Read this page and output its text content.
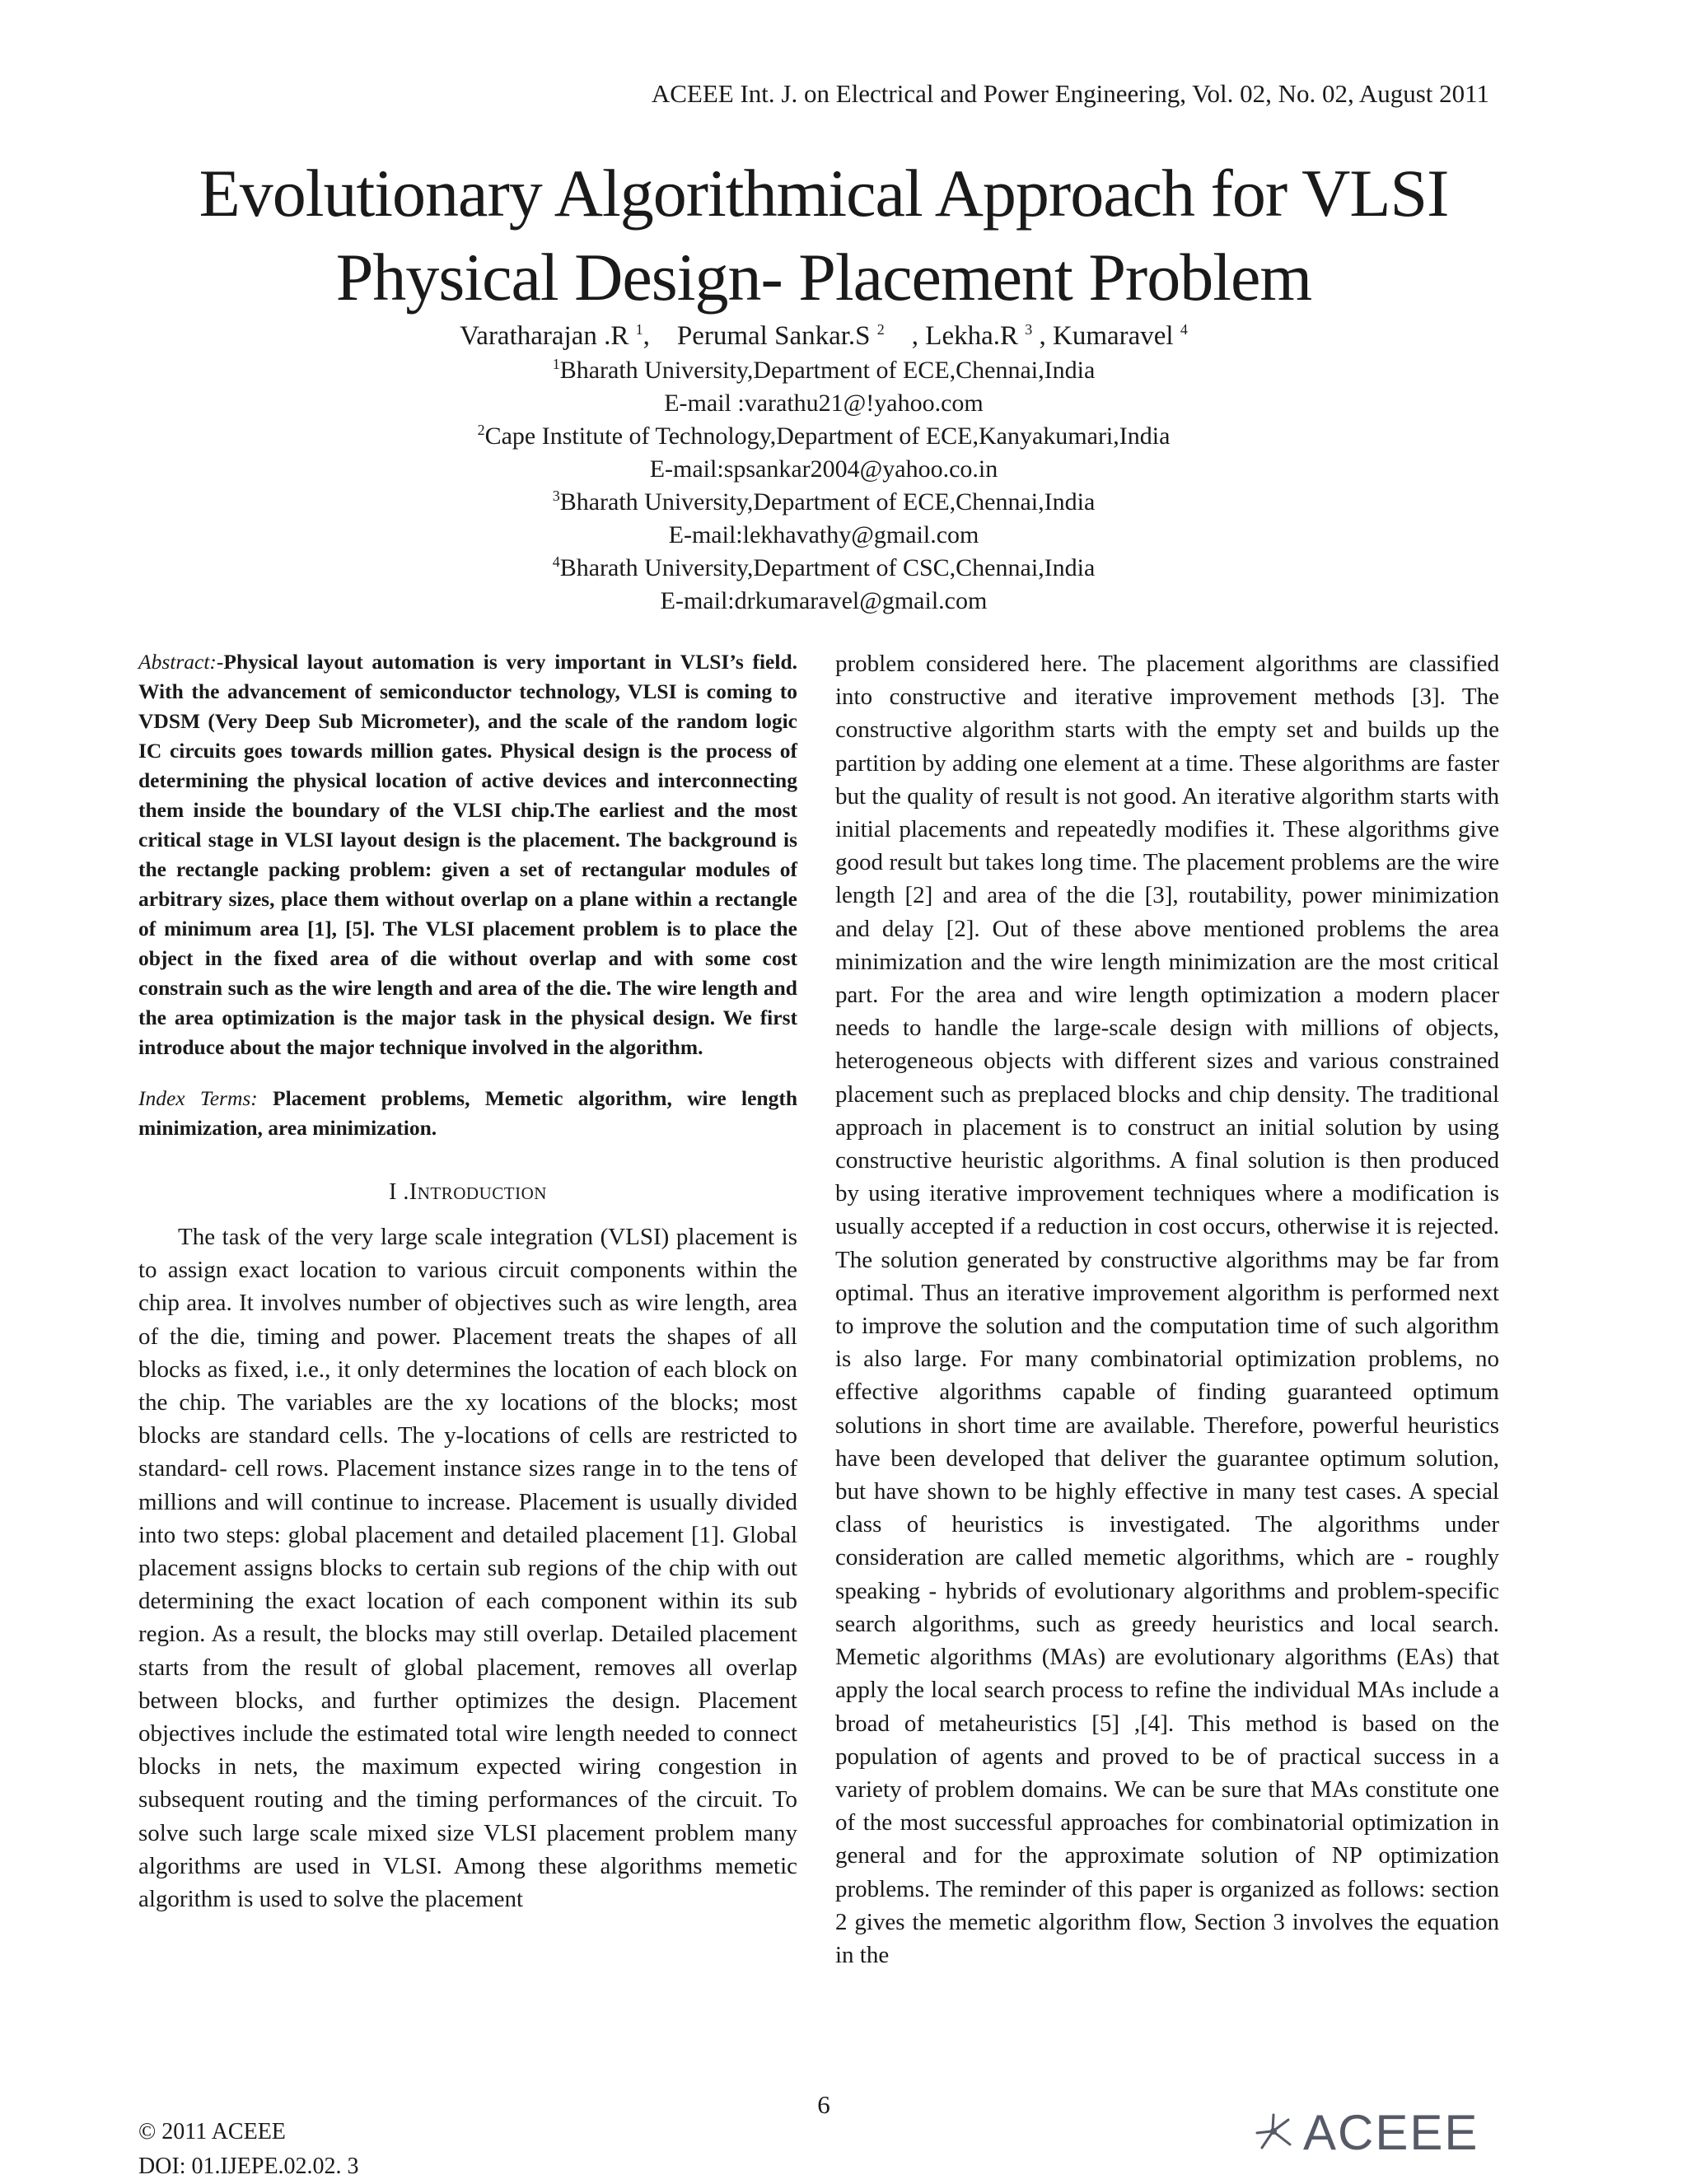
ACEEE Int. J. on Electrical and Power Engineering, Vol. 02, No. 02, August 2011
Evolutionary Algorithmical Approach for VLSI
Physical Design- Placement Problem
Varatharajan .R $^1$, Perumal Sankar.S $^2$ , Lekha.R $^3$ , Kumaravel $^4$
$^1$Bharath University,Department of ECE,Chennai,India
E-mail :varathu21@!yahoo.com
$^2$Cape Institute of Technology,Department of ECE,Kanyakumari,India
E-mail:spsankar2004@yahoo.co.in
$^3$Bharath University,Department of ECE,Chennai,India
E-mail:lekhavathy@gmail.com
$^4$Bharath University,Department of CSC,Chennai,India
E-mail:drkumaravel@gmail.com

Abstract:-Physical layout automation is very important in VLSI’s field. With the advancement of semiconductor technology, VLSI is coming to VDSM (Very Deep Sub Micrometer), and the scale of the random logic IC circuits goes towards million gates. Physical design is the process of determining the physical location of active devices and interconnecting them inside the boundary of the VLSI chip.The earliest and the most critical stage in VLSI layout design is the placement. The background is the rectangle packing problem: given a set of rectangular modules of arbitrary sizes, place them without overlap on a plane within a rectangle of minimum area [1], [5]. The VLSI placement problem is to place the object in the fixed area of die without overlap and with some cost constrain such as the wire length and area of the die. The wire length and the area optimization is the major task in the physical design. We first introduce about the major technique involved in the algorithm.

Index Terms: Placement problems, Memetic algorithm, wire length minimization, area minimization.

I .INTRODUCTION

The task of the very large scale integration (VLSI) placement is to assign exact location to various circuit components within the chip area. It involves number of objectives such as wire length, area of the die, timing and power. Placement treats the shapes of all blocks as fixed, i.e., it only determines the location of each block on the chip. The variables are the xy locations of the blocks; most blocks are standard cells. The y-locations of cells are restricted to standard- cell rows. Placement instance sizes range in to the tens of millions and will continue to increase. Placement is usually divided into two steps: global placement and detailed placement [1]. Global placement assigns blocks to certain sub regions of the chip with out determining the exact location of each component within its sub region. As a result, the blocks may still overlap. Detailed placement starts from the result of global placement, removes all overlap between blocks, and further optimizes the design. Placement objectives include the estimated total wire length needed to connect blocks in nets, the maximum expected wiring congestion in subsequent routing and the timing performances of the circuit. To solve such large scale mixed size VLSI placement problem many algorithms are used in VLSI. Among these algorithms memetic algorithm is used to solve the placement

problem considered here. The placement algorithms are classified into constructive and iterative improvement methods [3]. The constructive algorithm starts with the empty set and builds up the partition by adding one element at a time. These algorithms are faster but the quality of result is not good. An iterative algorithm starts with initial placements and repeatedly modifies it. These algorithms give good result but takes long time. The placement problems are the wire length [2] and area of the die [3], routability, power minimization and delay [2]. Out of these above mentioned problems the area minimization and the wire length minimization are the most critical part. For the area and wire length optimization a modern placer needs to handle the large-scale design with millions of objects, heterogeneous objects with different sizes and various constrained placement such as preplaced blocks and chip density. The traditional approach in placement is to construct an initial solution by using constructive heuristic algorithms. A final solution is then produced by using iterative improvement techniques where a modification is usually accepted if a reduction in cost occurs, otherwise it is rejected. The solution generated by constructive algorithms may be far from optimal. Thus an iterative improvement algorithm is performed next to improve the solution and the computation time of such algorithm is also large. For many combinatorial optimization problems, no effective algorithms capable of finding guaranteed optimum solutions in short time are available. Therefore, powerful heuristics have been developed that deliver the guarantee optimum solution, but have shown to be highly effective in many test cases. A special class of heuristics is investigated. The algorithms under consideration are called memetic algorithms, which are - roughly speaking - hybrids of evolutionary algorithms and problem-specific search algorithms, such as greedy heuristics and local search. Memetic algorithms (MAs) are evolutionary algorithms (EAs) that apply the local search process to refine the individual MAs include a broad of metaheuristics [5] ,[4]. This method is based on the population of agents and proved to be of practical success in a variety of problem domains. We can be sure that MAs constitute one of the most successful approaches for combinatorial optimization in general and for the approximate solution of NP optimization problems. The reminder of this paper is organized as follows: section 2 gives the memetic algorithm flow, Section 3 involves the equation in the

6
© 2011 ACEEE
DOI: 01.IJEPE.02.02. 3
ACEEE
